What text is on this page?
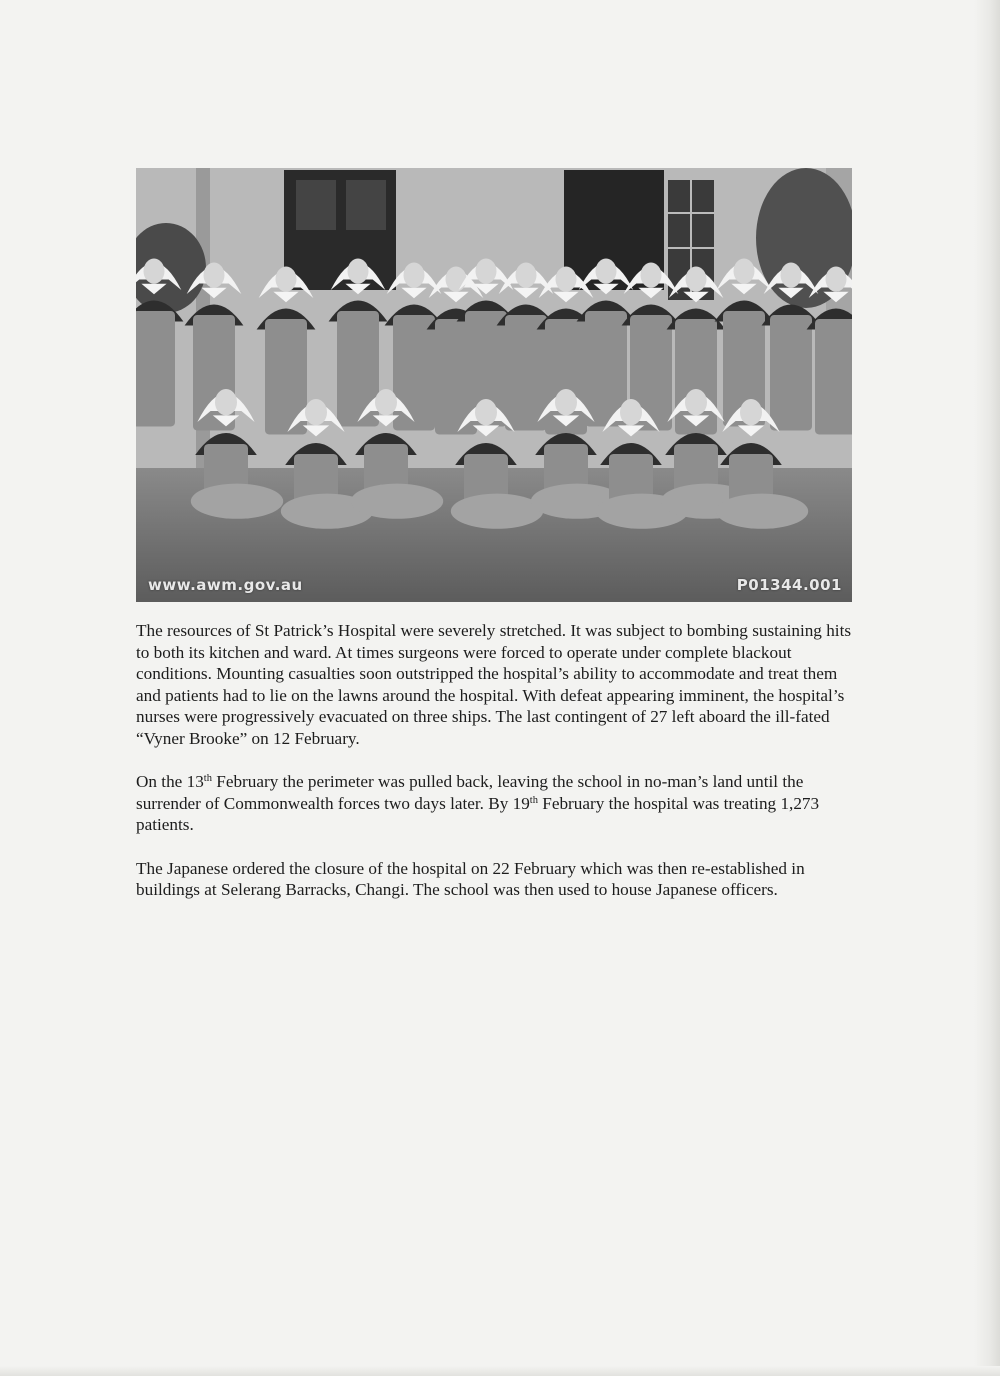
www.awm.gov.au	P01344.001

The resources of St Patrick’s Hospital were severely stretched. It was subject to bombing sustaining hits to both its kitchen and ward. At times surgeons were forced to operate under complete blackout conditions. Mounting casualties soon outstripped the hospital’s ability to accommodate and treat them and patients had to lie on the lawns around the hospital. With defeat appearing imminent, the hospital’s nurses were progressively evacuated on three ships. The last contingent of 27 left aboard the ill-fated “Vyner Brooke” on 12 February.

On the 13th February the perimeter was pulled back, leaving the school in no-man’s land until the surrender of Commonwealth forces two days later. By 19th February the hospital was treating 1,273 patients.

The Japanese ordered the closure of the hospital on 22 February which was then re-established in buildings at Selerang Barracks, Changi. The school was then used to house Japanese officers.
